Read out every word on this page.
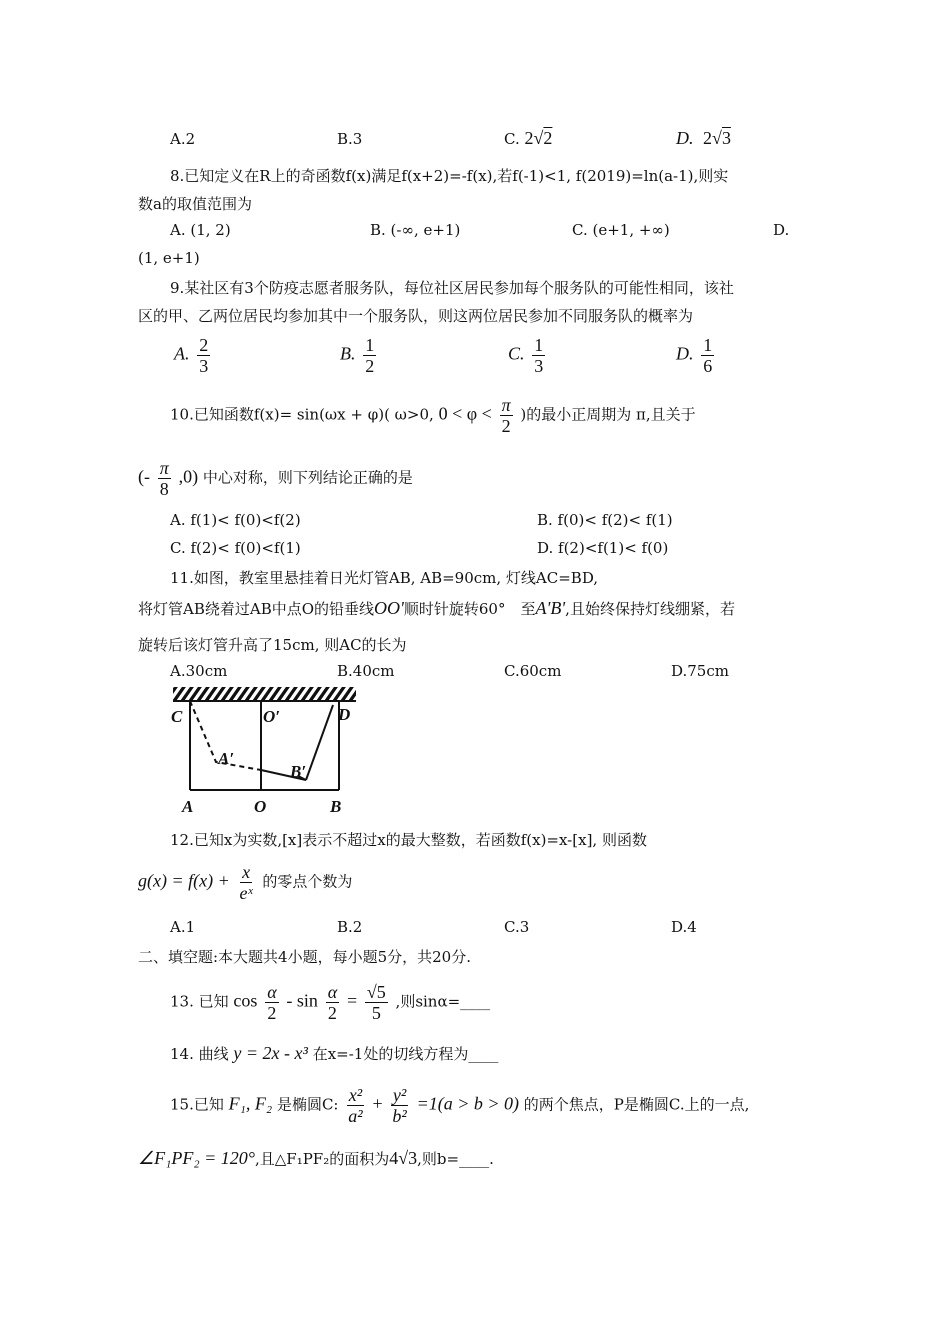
A.2	B.3	C. 2√2	D. 2√3
8.已知定义在R上的奇函数f(x)满足f(x+2)=-f(x),若f(-1)<1, f(2019)=ln(a-1),则实
数a的取值范围为
A. (1, 2)	B. (-∞, e+1)	C. (e+1, +∞)	D.
(1, e+1)
9.某社区有3个防疫志愿者服务队，每位社区居民参加每个服务队的可能性相同，该社
区的甲、乙两位居民均参加其中一个服务队，则这两位居民参加不同服务队的概率为
A. $\frac{2}{3}$	B. $\frac{1}{2}$	C. $\frac{1}{3}$	D. $\frac{1}{6}$
10.已知函数f(x)= sin(ωx + φ)( ω>0, $0 < \varphi < \frac{\pi}{2}$ )的最小正周期为 π,且关于
(- $\frac{\pi}{8} ,0$) 中心对称，则下列结论正确的是
A. f(1)< f(0)<f(2)	B. f(0)< f(2)< f(1)
C. f(2)< f(0)<f(1)	D. f(2)<f(1)< f(0)
11.如图，教室里悬挂着日光灯管AB, AB=90cm, 灯线AC=BD,
将灯管AB绕着过AB中点O的铅垂线OO'顺时针旋转60°　至A'B',且始终保持灯线绷紧，若
旋转后该灯管升高了15cm, 则AC的长为
A.30cm	B.40cm	C.60cm	D.75cm
C	O′	D
A′
B′
A	O	B
12.已知x为实数,[x]表示不超过x的最大整数，若函数f(x)=x-[x], 则函数
$g(x) = f(x) + \frac{x}{\text{eˣ}}$ 的零点个数为
A.1	B.2	C.3	D.4
二、填空题:本大题共4小题，每小题5分，共20分.
13. 已知 $\cos \frac{\alpha}{2} - \sin \frac{\alpha}{2} = \frac{√5}{5}$ ,则sinα=____
14. 曲线 y = 2x - x³ 在x=-1处的切线方程为____
15.已知 F₁, F₂ 是椭圆C: $\frac{\text{x²}}{\text{a²}} + \frac{\text{y²}}{\text{b²}} =1(a > b > 0)$ 的两个焦点，P是椭圆C.上的一点,
∠F₁PF₂ = 120°,且△F₁PF₂的面积为4√3,则b=____.
